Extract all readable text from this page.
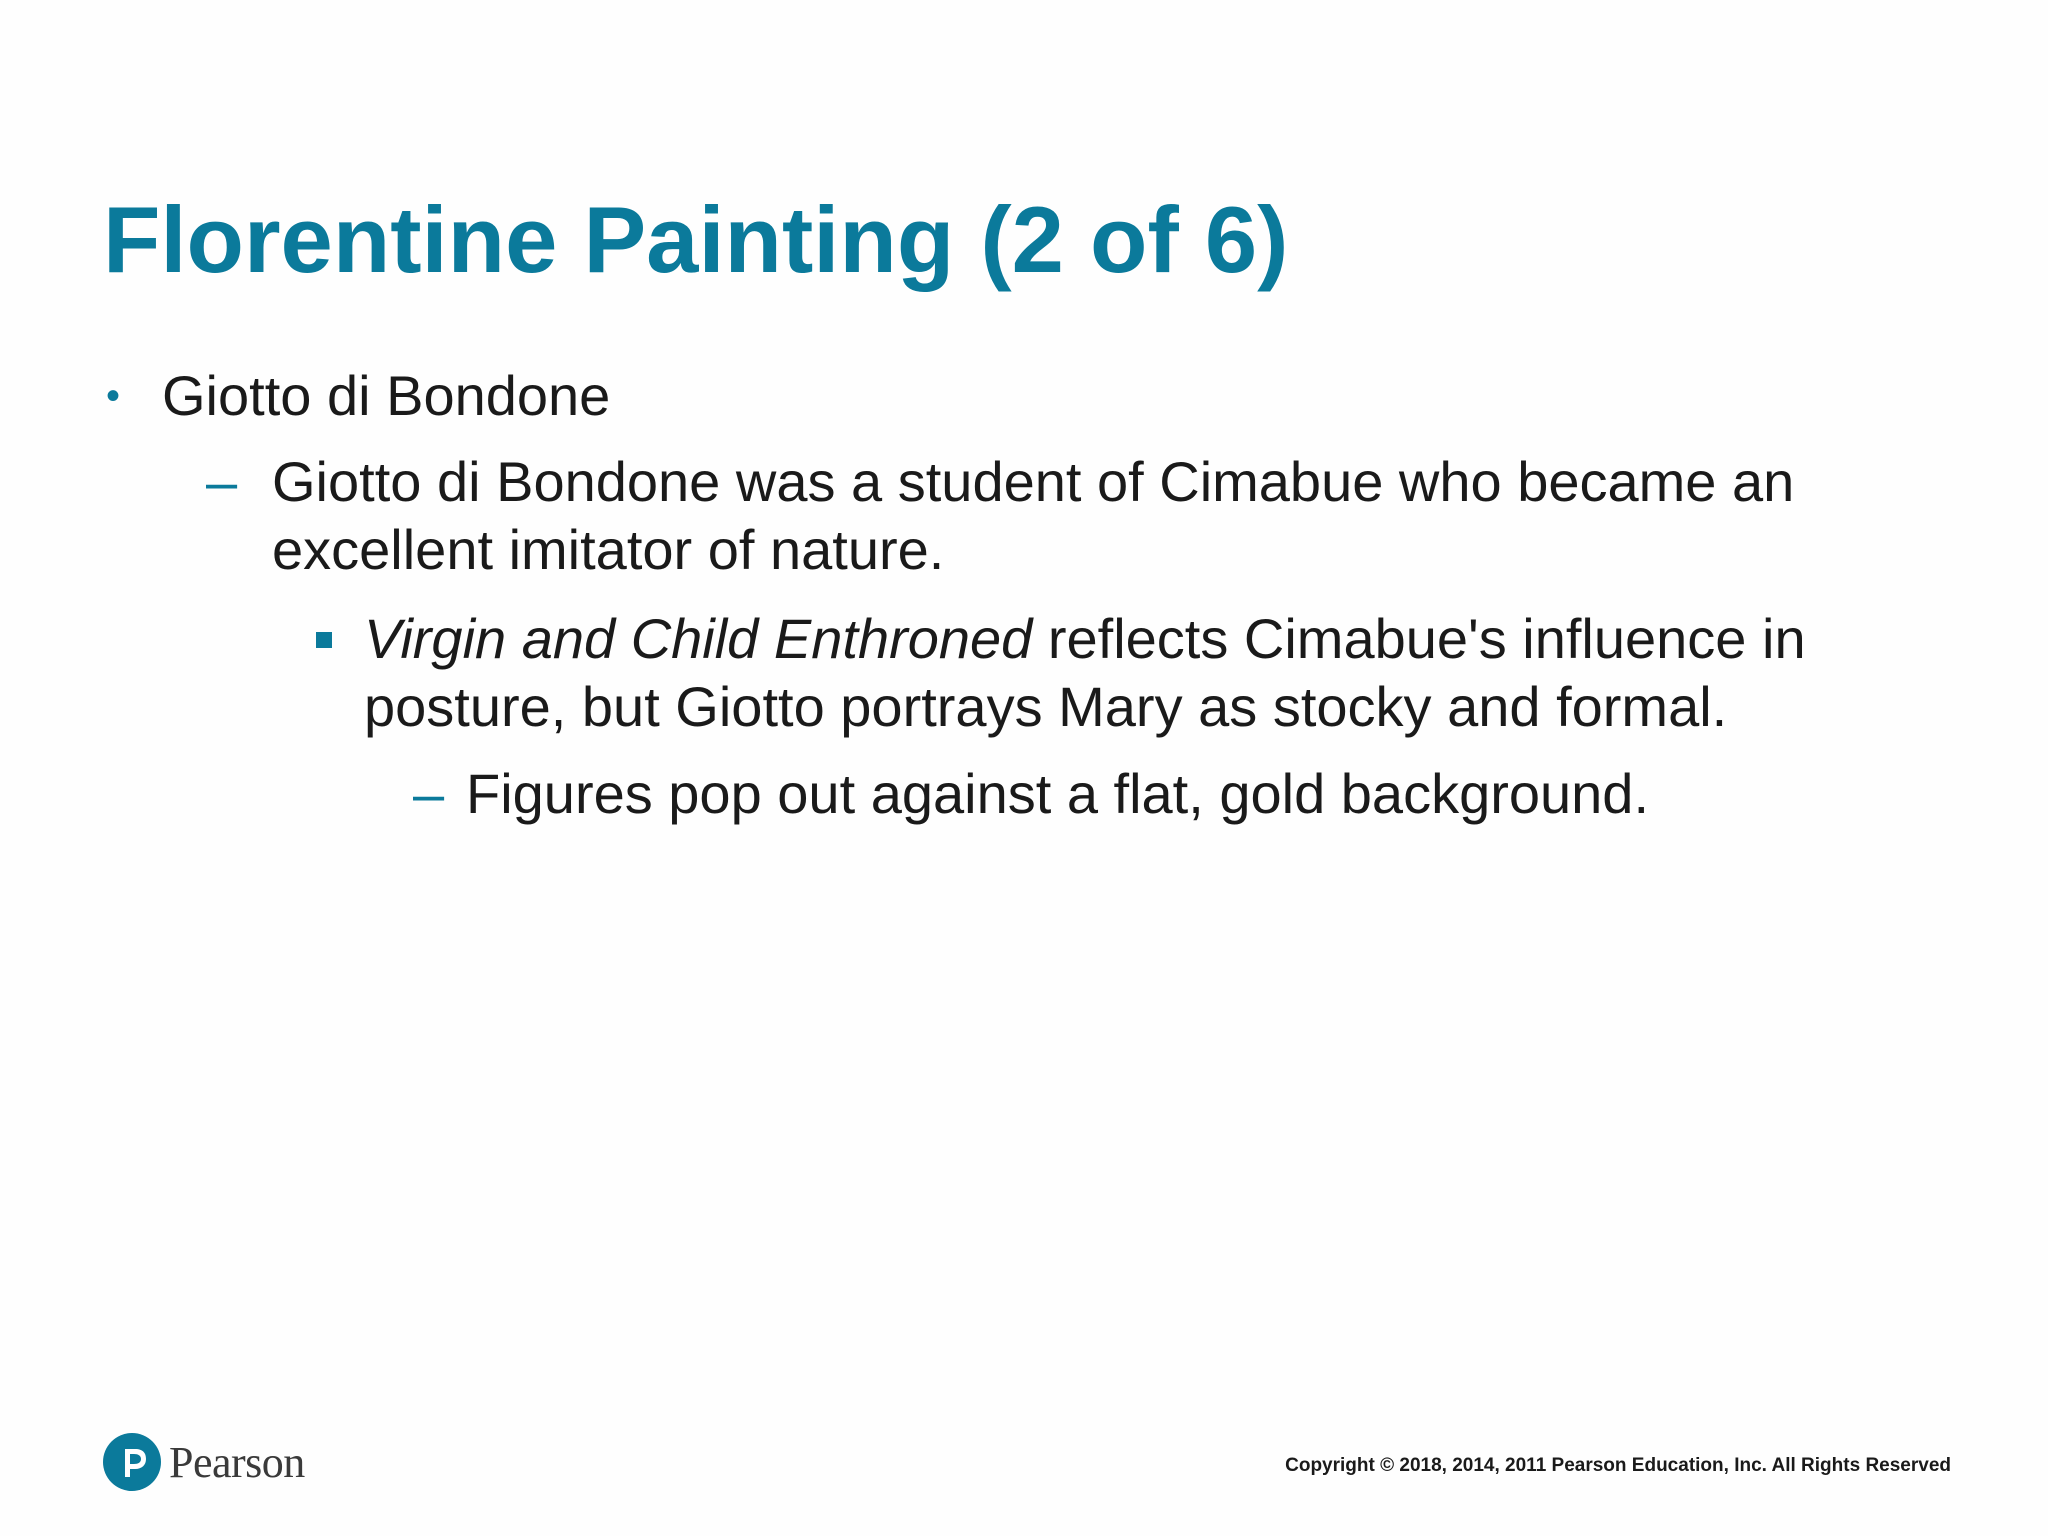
Florentine Painting (2 of 6)
• Giotto di Bondone
– Giotto di Bondone was a student of Cimabue who became an
excellent imitator of nature.
Virgin and Child Enthroned reflects Cimabue's influence in
posture, but Giotto portrays Mary as stocky and formal.
– Figures pop out against a flat, gold background.
Pearson	Copyright © 2018, 2014, 2011 Pearson Education, Inc. All Rights Reserved
